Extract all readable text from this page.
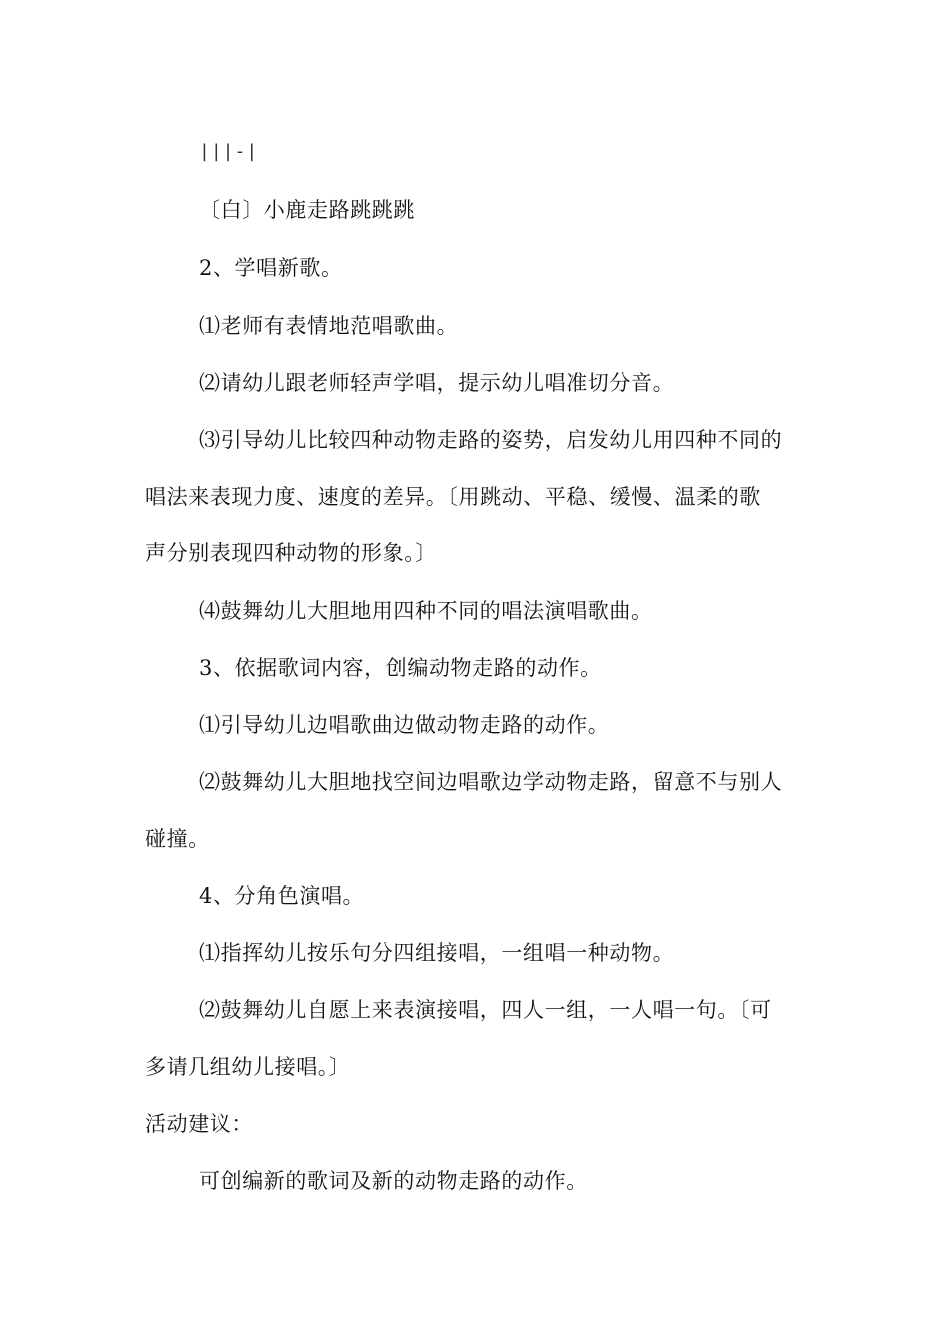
|||-|
〔白〕小鹿走路跳跳跳
2、学唱新歌。
⑴老师有表情地范唱歌曲。
⑵请幼儿跟老师轻声学唱，提示幼儿唱准切分音。
⑶引导幼儿比较四种动物走路的姿势，启发幼儿用四种不同的
唱法来表现力度、速度的差异。〔用跳动、平稳、缓慢、温柔的歌
声分别表现四种动物的形象。〕
⑷鼓舞幼儿大胆地用四种不同的唱法演唱歌曲。
3、依据歌词内容，创编动物走路的动作。
⑴引导幼儿边唱歌曲边做动物走路的动作。
⑵鼓舞幼儿大胆地找空间边唱歌边学动物走路，留意不与别人
碰撞。
4、分角色演唱。
⑴指挥幼儿按乐句分四组接唱，一组唱一种动物。
⑵鼓舞幼儿自愿上来表演接唱，四人一组，一人唱一句。〔可
多请几组幼儿接唱。〕
活动建议：
可创编新的歌词及新的动物走路的动作。
